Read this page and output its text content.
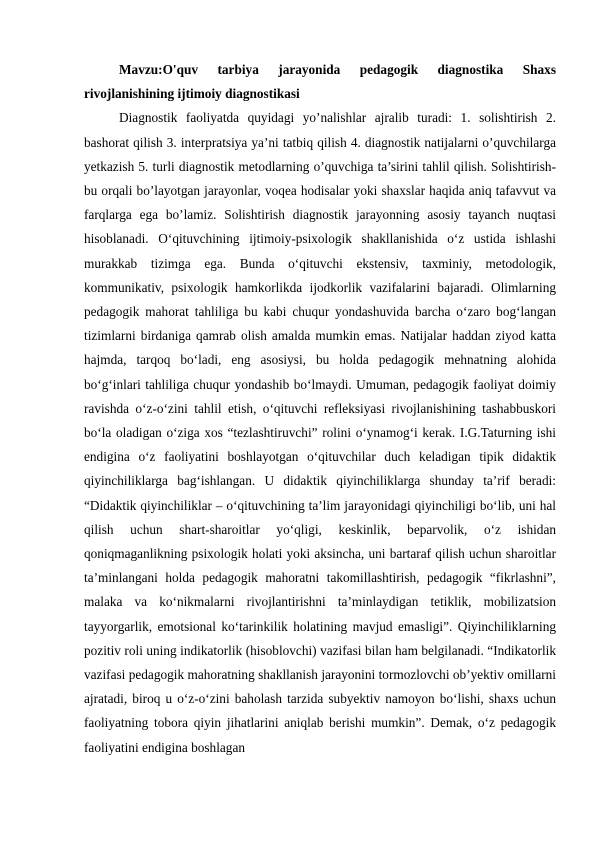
Mavzu:O'quv tarbiya jarayonida pedagogik diagnostika Shaxs
rivojlanishining ijtimoiy diagnostikasi

Diagnostik faoliyatda quyidagi yo’nalishlar ajralib turadi: 1. solishtirish 2. bashorat qilish 3. interpratsiya ya’ni tatbiq qilish 4. diagnostik natijalarni o’quvchilarga yetkazish 5. turli diagnostik metodlarning o’quvchiga ta’sirini tahlil qilish. Solishtirish- bu orqali bo’layotgan jarayonlar, voqea hodisalar yoki shaxslar haqida aniq tafavvut va farqlarga ega bo’lamiz. Solishtirish diagnostik jarayonning asosiy tayanch nuqtasi hisoblanadi. O‘qituvchining ijtimoiy-psixologik shakllanishida o‘z ustida ishlashi murakkab tizimga ega. Bunda o‘qituvchi ekstensiv, taxminiy, metodologik, kommunikativ, psixologik hamkorlikda ijodkorlik vazifalarini bajaradi. Olimlarning pedagogik mahorat tahliliga bu kabi chuqur yondashuvida barcha o‘zaro bog‘langan tizimlarni birdaniga qamrab olish amalda mumkin emas. Natijalar haddan ziyod katta hajmda, tarqoq bo‘ladi, eng asosiysi, bu holda pedagogik mehnatning alohida bo‘g‘inlari tahliliga chuqur yondashib bo‘lmaydi. Umuman, pedagogik faoliyat doimiy ravishda o‘z-o‘zini tahlil etish, o‘qituvchi refleksiyasi rivojlanishining tashabbuskori bo‘la oladigan o‘ziga xos “tezlashtiruvchi” rolini o‘ynamog‘i kerak. I.G.Taturning ishi endigina o‘z faoliyatini boshlayotgan o‘qituvchilar duch keladigan tipik didaktik qiyinchiliklarga bag‘ishlangan. U didaktik qiyinchiliklarga shunday ta’rif beradi: “Didaktik qiyinchiliklar – o‘qituvchining ta’lim jarayonidagi qiyinchiligi bo‘lib, uni hal qilish uchun shart-sharoitlar yo‘qligi, keskinlik, beparvolik, o‘z ishidan qoniqmaganlikning psixologik holati yoki aksincha, uni bartaraf qilish uchun sharoitlar ta’minlangani holda pedagogik mahoratni takomillashtirish, pedagogik “fikrlashni”, malaka va ko‘nikmalarni rivojlantirishni ta’minlaydigan tetiklik, mobilizatsion tayyorgarlik, emotsional ko‘tarinkilik holatining mavjud emasligi”. Qiyinchiliklarning pozitiv roli uning indikatorlik (hisoblovchi) vazifasi bilan ham belgilanadi. “Indikatorlik vazifasi pedagogik mahoratning shakllanish jarayonini tormozlovchi ob’yektiv omillarni ajratadi, biroq u o‘z-o‘zini baholash tarzida subyektiv namoyon bo‘lishi, shaxs uchun faoliyatning tobora qiyin jihatlarini aniqlab berishi mumkin”. Demak, o‘z pedagogik faoliyatini endigina boshlagan
